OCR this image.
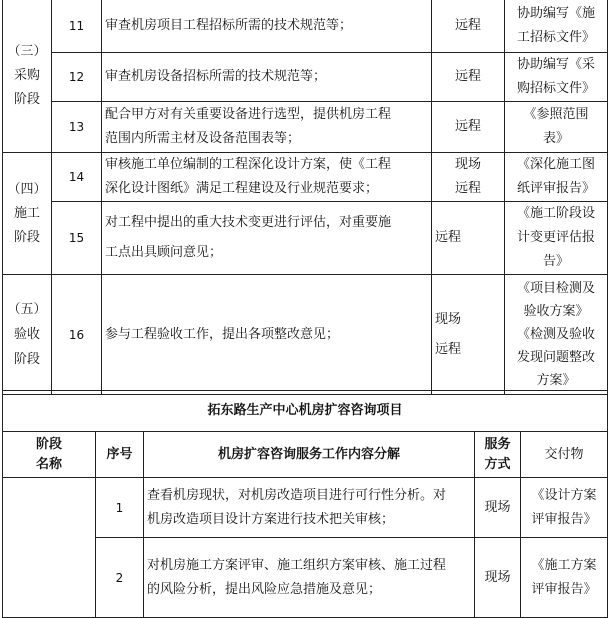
（三）
采购
阶段	11	审查机房项目工程招标所需的技术规范等；	远程	协助编写《施
工招标文件》

	12	审查机房设备招标所需的技术规范等；	远程	协助编写《采
购招标文件》

	13	配合甲方对有关重要设备进行选型，提供机房工程
范围内所需主材及设备范围表等；	远程	《参照范围
表》

（四）
施工
阶段	14	审核施工单位编制的工程深化设计方案，使《工程
深化设计图纸》满足工程建设及行业规范要求；	现场
远程	《深化施工图
纸评审报告》

	15	对工程中提出的重大技术变更进行评估，对重要施
工点出具顾问意见；	远程	《施工阶段设
计变更评估报
告》

（五）
验收
阶段	16	参与工程验收工作，提出各项整改意见；	现场
远程	《项目检测及
验收方案》
《检测及验收
发现问题整改
方案》
拓东路生产中心机房扩容咨询项目				

阶段
名称	序号	机房扩容咨询服务工作内容分解	服务
方式	交付物
	1	查看机房现状，对机房改造项目进行可行性分析。对
机房改造项目设计方案进行技术把关审核；	现场	《设计方案
评审报告》

	2	对机房施工方案评审、施工组织方案审核、施工过程
的风险分析，提出风险应急措施及意见；	现场	《施工方案
评审报告》
